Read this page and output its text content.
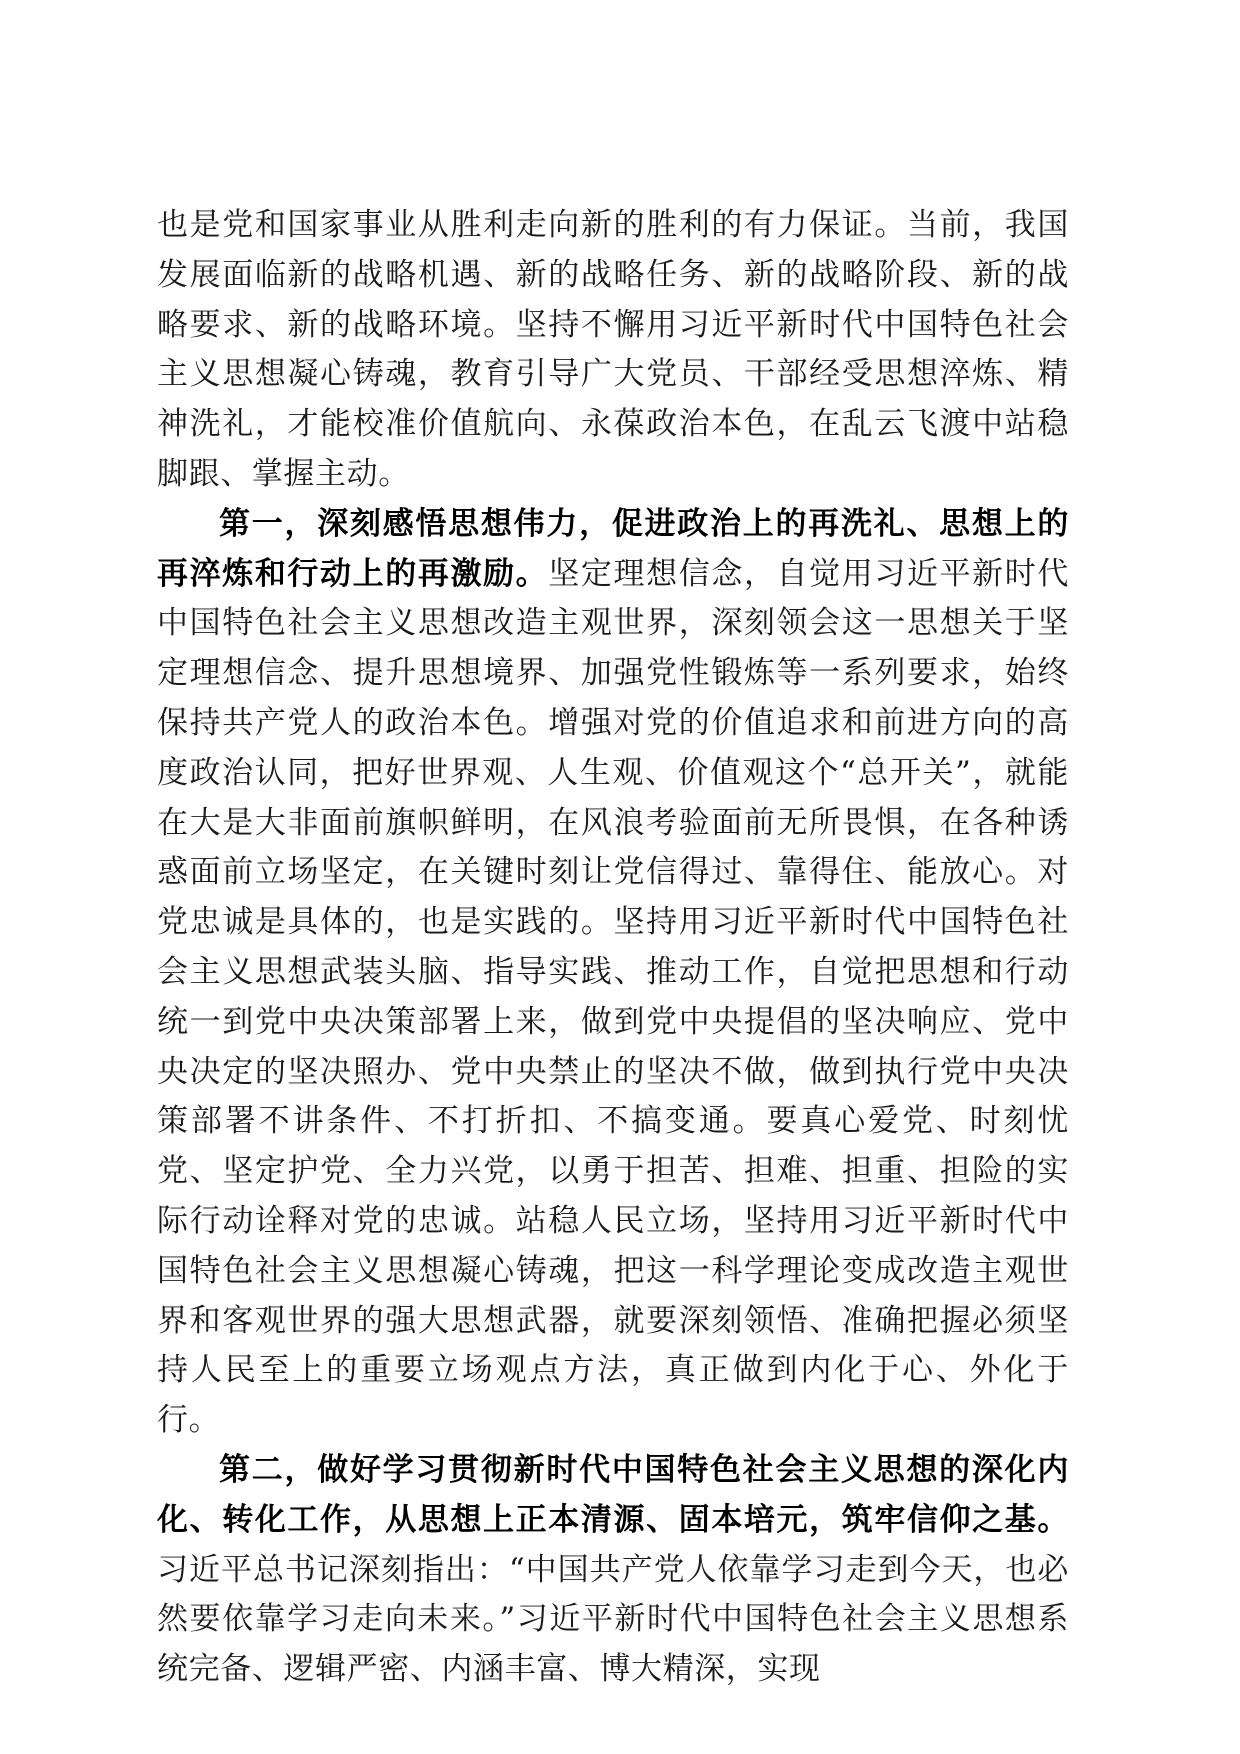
也是党和国家事业从胜利走向新的胜利的有力保证。当前，我国发展面临新的战略机遇、新的战略任务、新的战略阶段、新的战略要求、新的战略环境。坚持不懈用习近平新时代中国特色社会主义思想凝心铸魂，教育引导广大党员、干部经受思想淬炼、精神洗礼，才能校准价值航向、永葆政治本色，在乱云飞渡中站稳脚跟、掌握主动。

第一，深刻感悟思想伟力，促进政治上的再洗礼、思想上的再淬炼和行动上的再激励。坚定理想信念，自觉用习近平新时代中国特色社会主义思想改造主观世界，深刻领会这一思想关于坚定理想信念、提升思想境界、加强党性锻炼等一系列要求，始终保持共产党人的政治本色。增强对党的价值追求和前进方向的高度政治认同，把好世界观、人生观、价值观这个“总开关”，就能在大是大非面前旗帜鲜明，在风浪考验面前无所畏惧，在各种诱惑面前立场坚定，在关键时刻让党信得过、靠得住、能放心。对党忠诚是具体的，也是实践的。坚持用习近平新时代中国特色社会主义思想武装头脑、指导实践、推动工作，自觉把思想和行动统一到党中央决策部署上来，做到党中央提倡的坚决响应、党中央决定的坚决照办、党中央禁止的坚决不做，做到执行党中央决策部署不讲条件、不打折扣、不搞变通。要真心爱党、时刻忧党、坚定护党、全力兴党，以勇于担苦、担难、担重、担险的实际行动诠释对党的忠诚。站稳人民立场，坚持用习近平新时代中国特色社会主义思想凝心铸魂，把这一科学理论变成改造主观世界和客观世界的强大思想武器，就要深刻领悟、准确把握必须坚持人民至上的重要立场观点方法，真正做到内化于心、外化于行。

第二，做好学习贯彻新时代中国特色社会主义思想的深化内化、转化工作，从思想上正本清源、固本培元，筑牢信仰之基。习近平总书记深刻指出：“中国共产党人依靠学习走到今天，也必然要依靠学习走向未来。”习近平新时代中国特色社会主义思想系统完备、逻辑严密、内涵丰富、博大精深，实现
